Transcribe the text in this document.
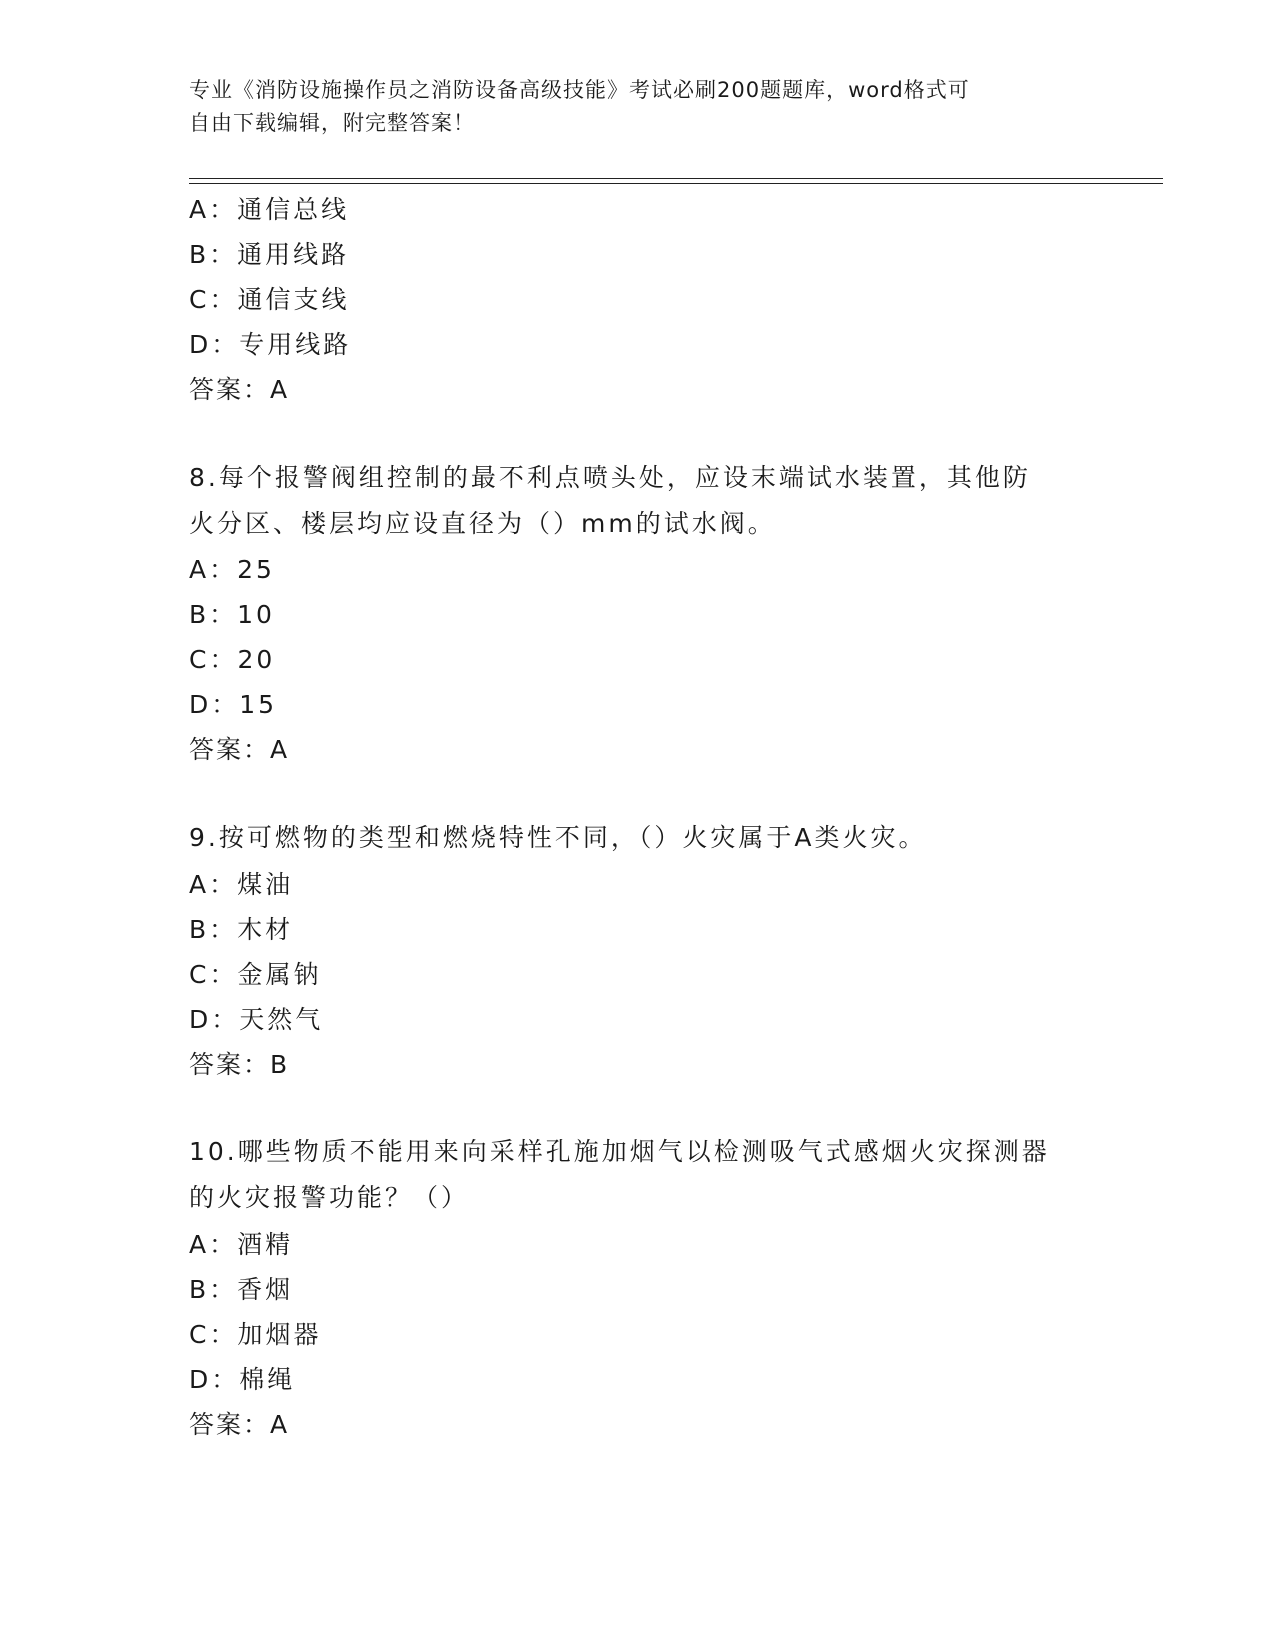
专业《消防设施操作员之消防设备高级技能》考试必刷200题题库，word格式可
自由下载编辑，附完整答案！
A：通信总线
B：通用线路
C：通信支线
D：专用线路
答案：A
8.每个报警阀组控制的最不利点喷头处，应设末端试水装置，其他防
火分区、楼层均应设直径为（）mm的试水阀。
A：25
B：10
C：20
D：15
答案：A
9.按可燃物的类型和燃烧特性不同，（）火灾属于A类火灾。
A：煤油
B：木材
C：金属钠
D：天然气
答案：B
10.哪些物质不能用来向采样孔施加烟气以检测吸气式感烟火灾探测器
的火灾报警功能？（）
A：酒精
B：香烟
C：加烟器
D：棉绳
答案：A
